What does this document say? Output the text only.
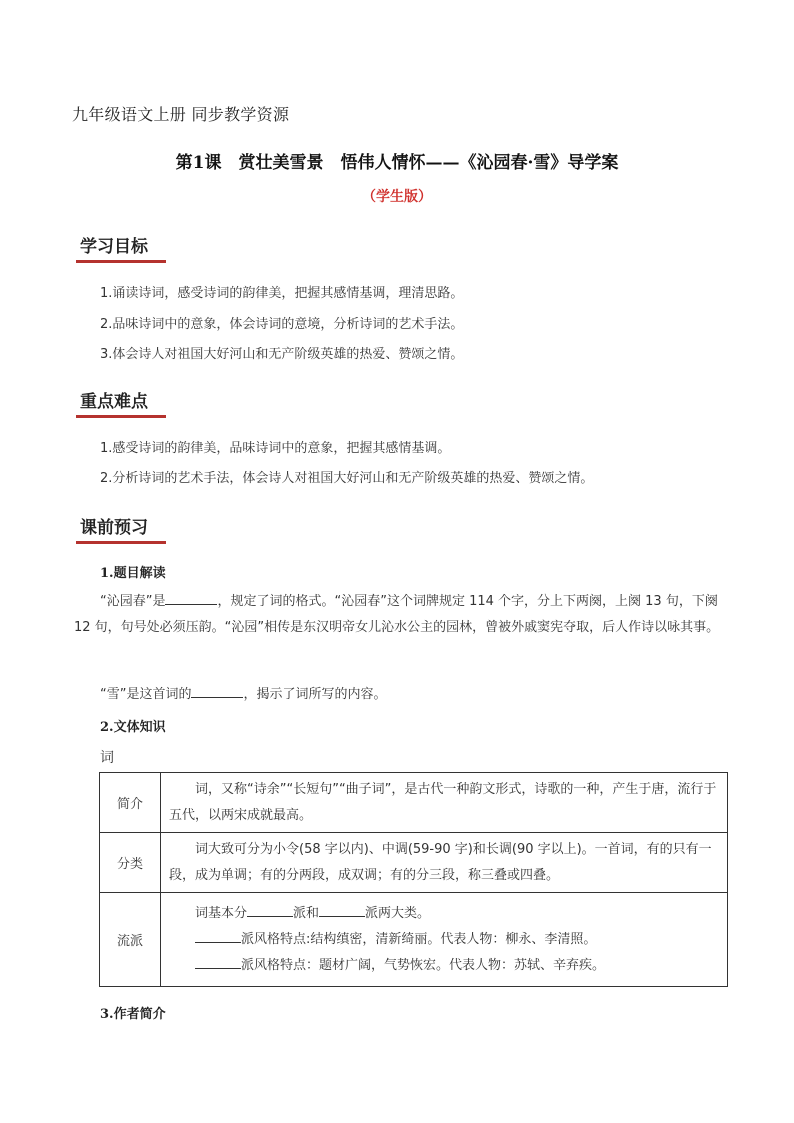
九年级语文上册 同步教学资源
第1课　赏壮美雪景　悟伟人情怀——《沁园春·雪》导学案
（学生版）
学习目标
1.诵读诗词，感受诗词的韵律美，把握其感情基调，理清思路。
2.品味诗词中的意象，体会诗词的意境，分析诗词的艺术手法。
3.体会诗人对祖国大好河山和无产阶级英雄的热爱、赞颂之情。
重点难点
1.感受诗词的韵律美，品味诗词中的意象，把握其感情基调。
2.分析诗词的艺术手法，体会诗人对祖国大好河山和无产阶级英雄的热爱、赞颂之情。
课前预习
1.题目解读
“沁园春”是	，规定了词的格式。“沁园春”这个词牌规定 114 个字，分上下两阕，上阕 13 句，下阕 12 句，句号处必须压韵。“沁园”相传是东汉明帝女儿沁水公主的园林，曾被外戚窦宪夺取，后人作诗以咏其事。
“雪”是这首词的	，揭示了词所写的内容。
2.文体知识
词
简介	词，又称“诗余”“长短句”“曲子词”，是古代一种韵文形式，诗歌的一种，产生于唐，流行于五代，以两宋成就最高。
分类	词大致可分为小令(58 字以内)、中调(59-90 字)和长调(90 字以上)。一首词，有的只有一段，成为单调；有的分两段，成双调；有的分三段，称三叠或四叠。
流派	词基本分 派和 派两大类。
派风格特点:结构缜密，清新绮丽。代表人物：柳永、李清照。
派风格特点：题材广阔，气势恢宏。代表人物：苏轼、辛弃疾。
3.作者简介
